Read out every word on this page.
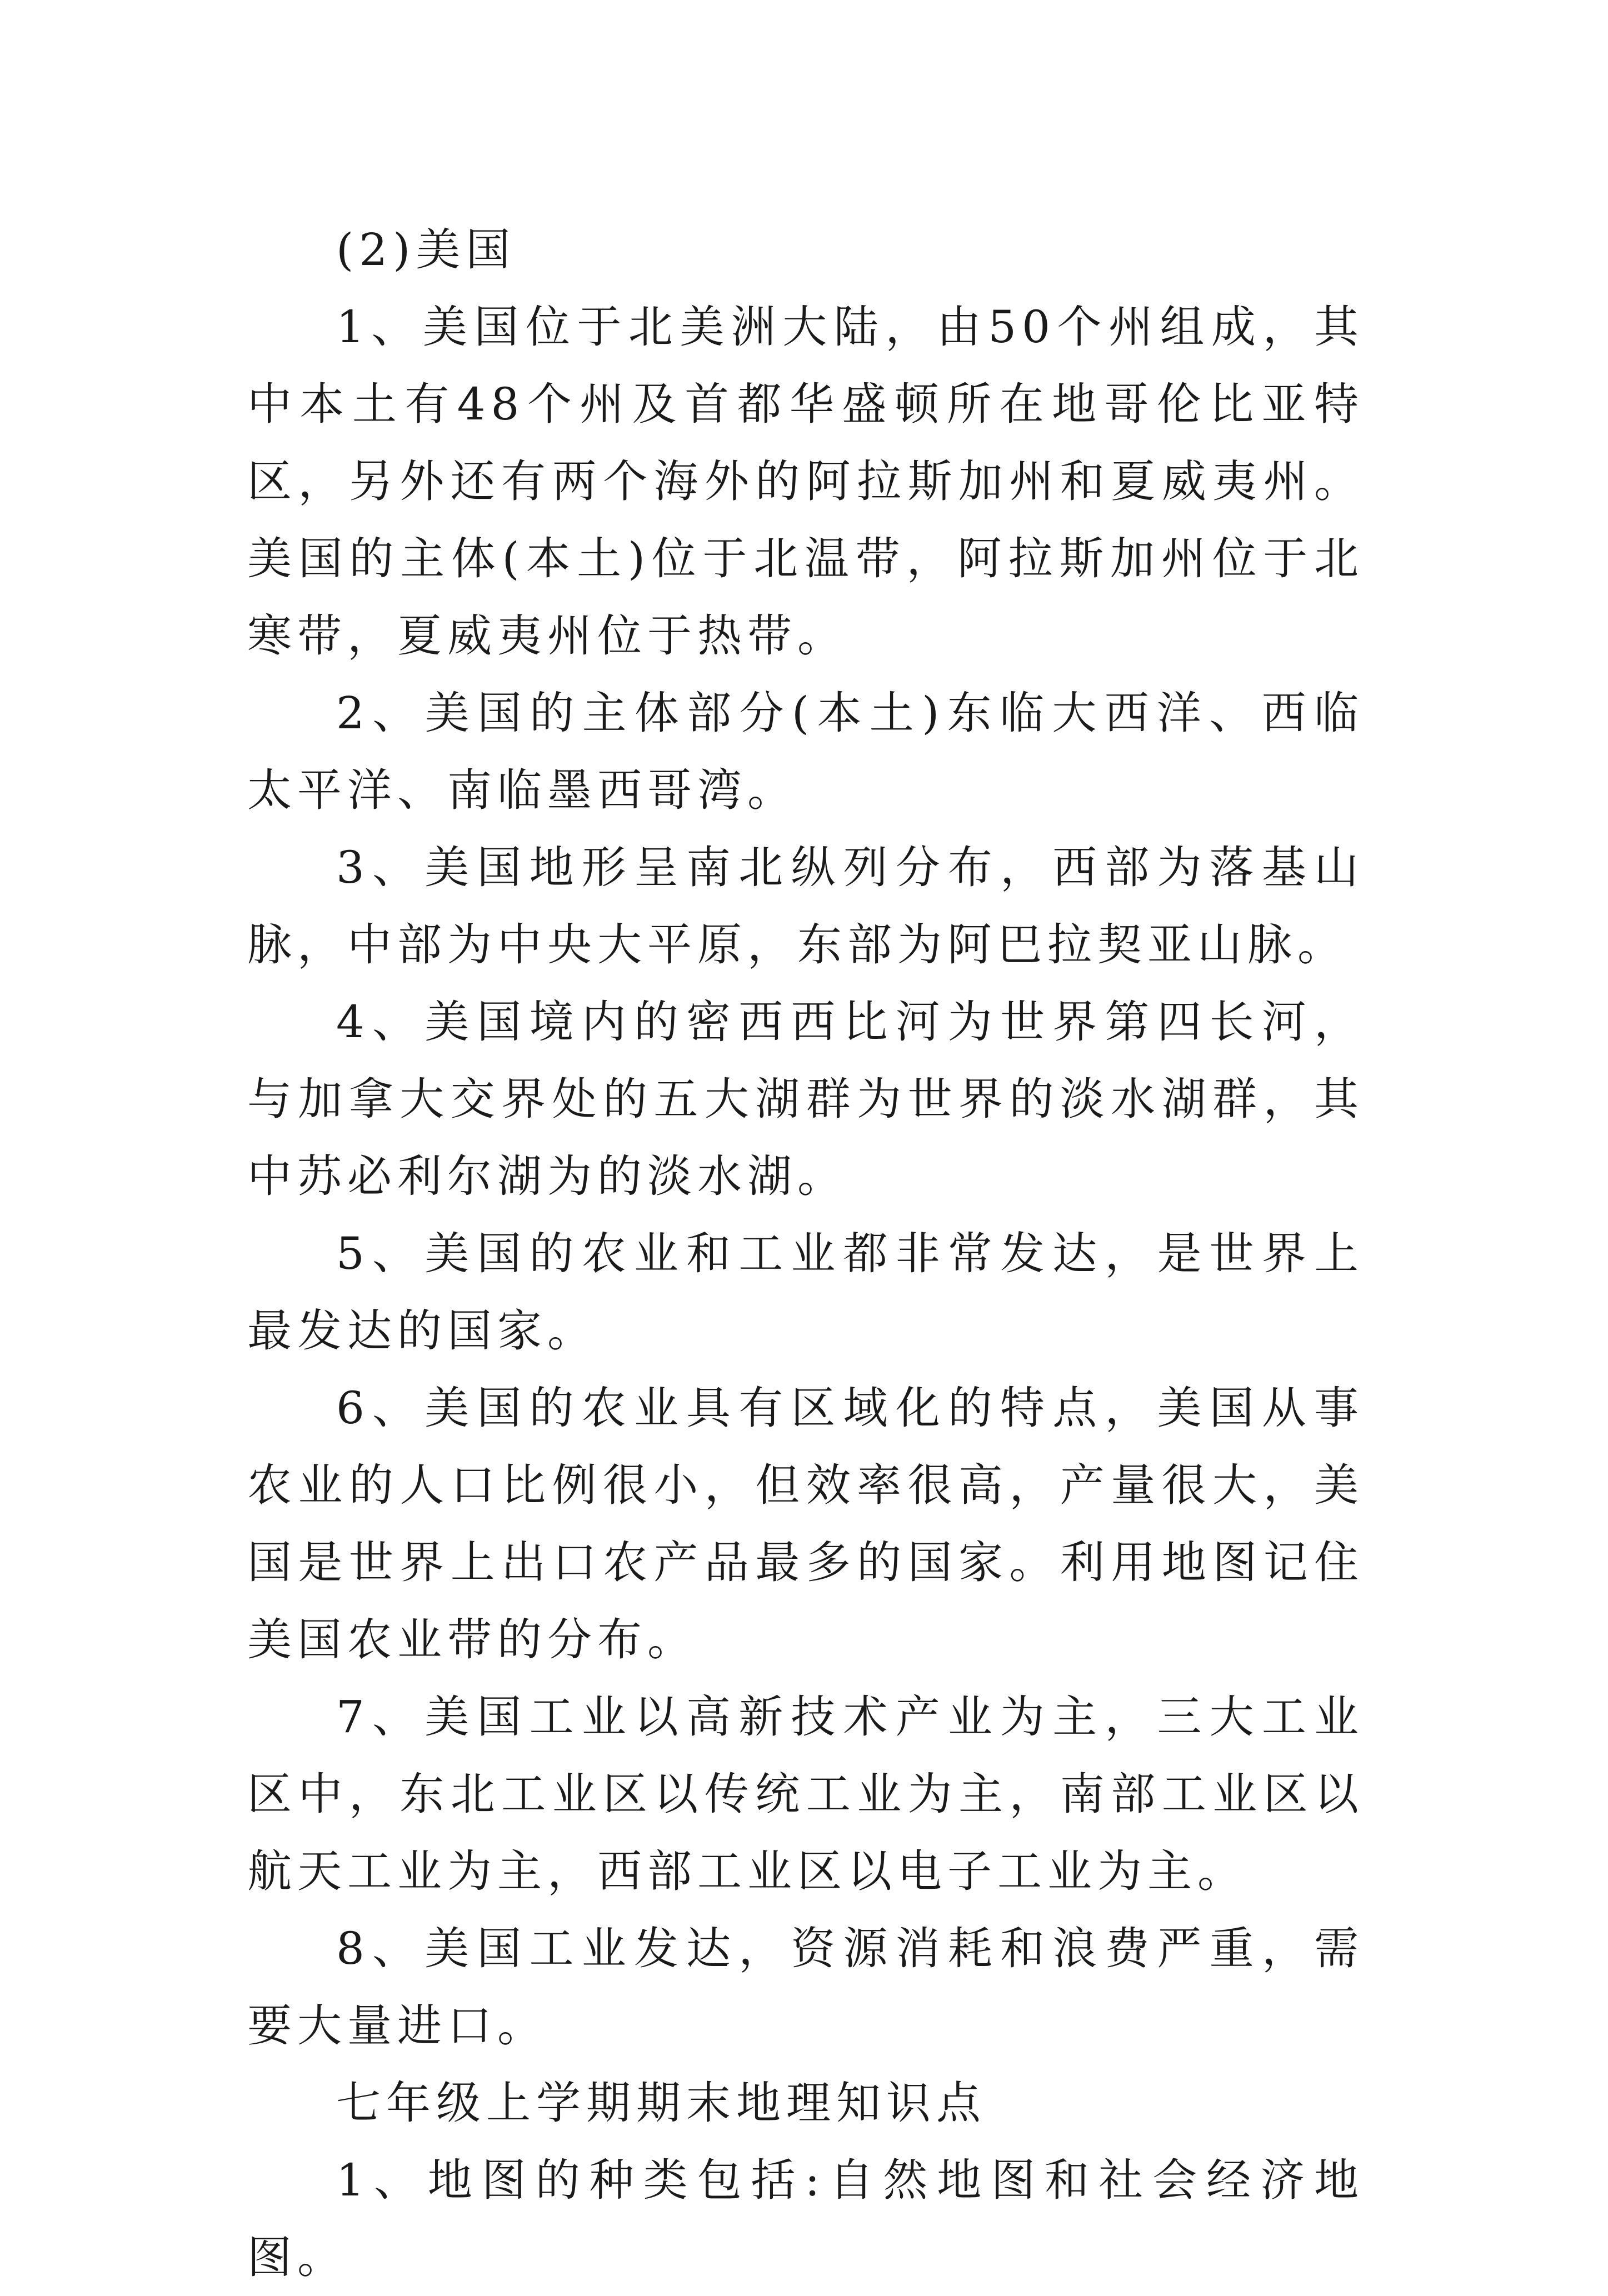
(2)美国

1、美国位于北美洲大陆，由50个州组成，其中本土有48个州及首都华盛顿所在地哥伦比亚特区，另外还有两个海外的阿拉斯加州和夏威夷州。美国的主体(本土)位于北温带，阿拉斯加州位于北寒带，夏威夷州位于热带。

2、美国的主体部分(本土)东临大西洋、西临太平洋、南临墨西哥湾。

3、美国地形呈南北纵列分布，西部为落基山脉，中部为中央大平原，东部为阿巴拉契亚山脉。

4、美国境内的密西西比河为世界第四长河，与加拿大交界处的五大湖群为世界的淡水湖群，其中苏必利尔湖为的淡水湖。

5、美国的农业和工业都非常发达，是世界上最发达的国家。

6、美国的农业具有区域化的特点，美国从事农业的人口比例很小，但效率很高，产量很大，美国是世界上出口农产品最多的国家。利用地图记住美国农业带的分布。

7、美国工业以高新技术产业为主，三大工业区中，东北工业区以传统工业为主，南部工业区以航天工业为主，西部工业区以电子工业为主。

8、美国工业发达，资源消耗和浪费严重，需要大量进口。

七年级上学期期末地理知识点

1、地图的种类包括:自然地图和社会经济地图。
